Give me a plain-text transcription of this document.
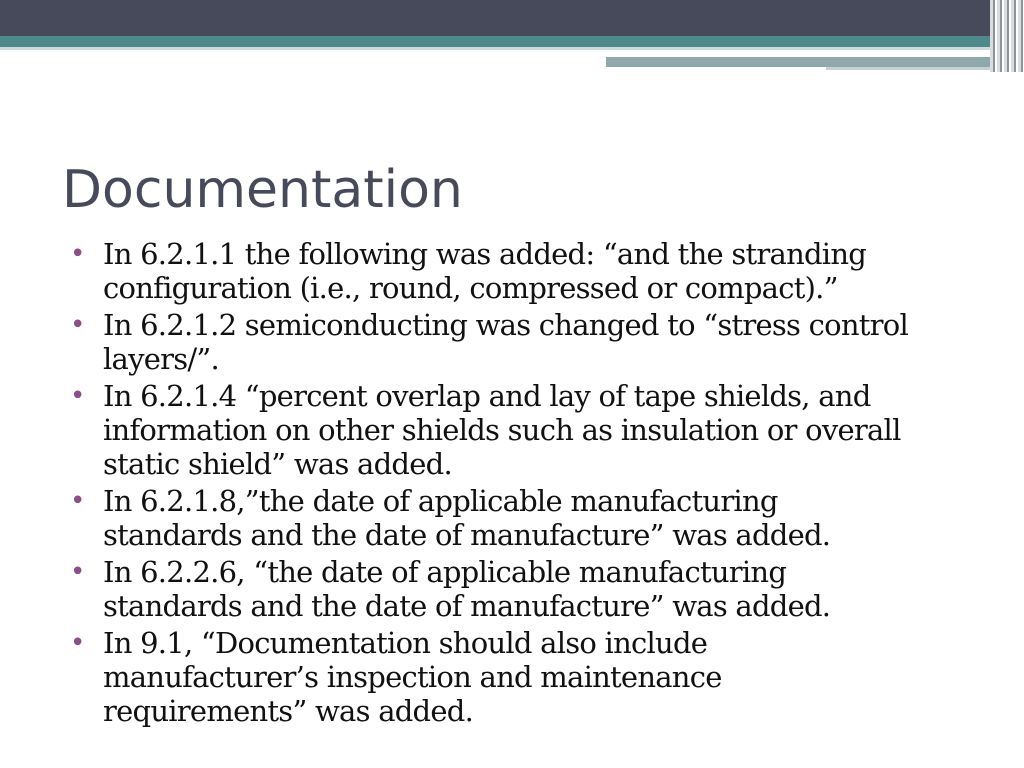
Documentation
• In 6.2.1.1 the following was added: “and the stranding
configuration (i.e., round, compressed or compact).”
• In 6.2.1.2 semiconducting was changed to “stress control
layers/”.
• In 6.2.1.4 “percent overlap and lay of tape shields, and
information on other shields such as insulation or overall
static shield” was added.
• In 6.2.1.8,”the date of applicable manufacturing
standards and the date of manufacture” was added.
• In 6.2.2.6, “the date of applicable manufacturing
standards and the date of manufacture” was added.
• In 9.1, “Documentation should also include
manufacturer’s inspection and maintenance
requirements” was added.
